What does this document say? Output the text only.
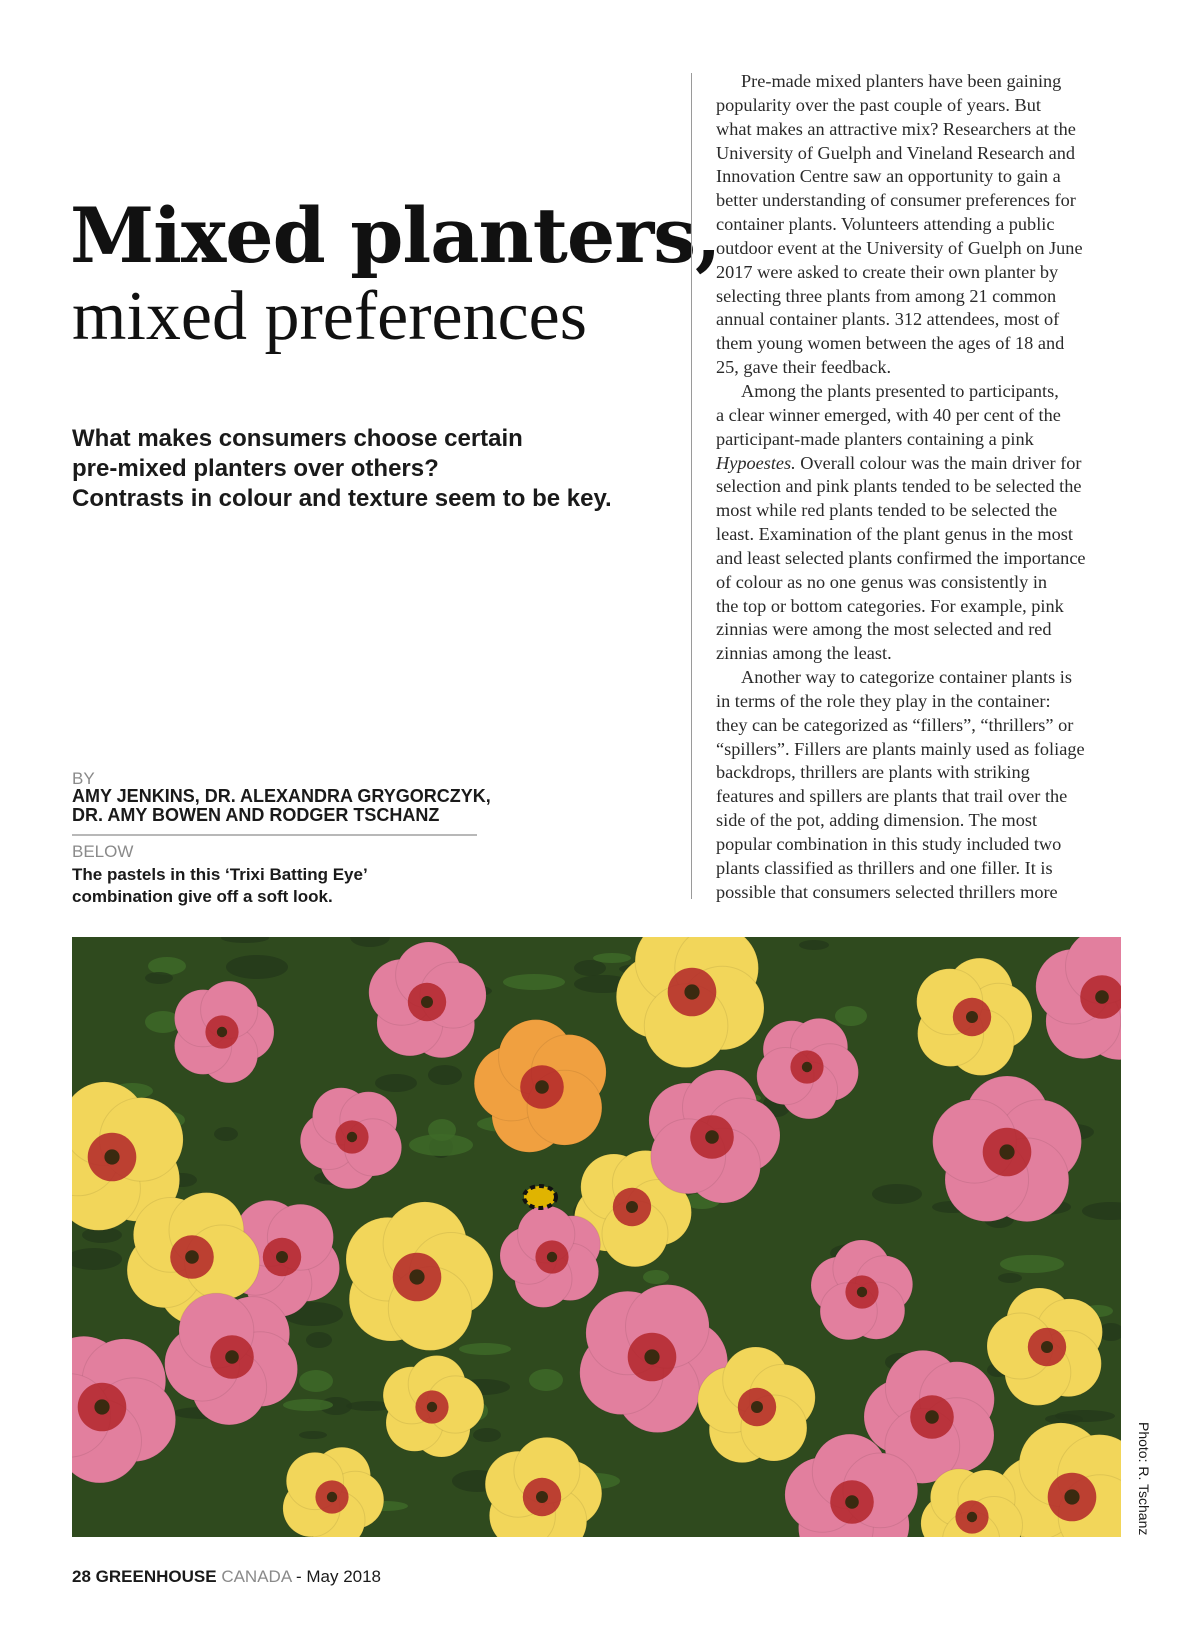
Mixed planters,
mixed preferences
What makes consumers choose certain
pre-mixed planters over others?
Contrasts in colour and texture seem to be key.
BY
AMY JENKINS, DR. ALEXANDRA GRYGORCZYK,
DR. AMY BOWEN AND RODGER TSCHANZ
BELOW
The pastels in this ‘Trixi Batting Eye’
combination give off a soft look.
Pre-made mixed planters have been gaining
popularity over the past couple of years. But
what makes an attractive mix? Researchers at the
University of Guelph and Vineland Research and
Innovation Centre saw an opportunity to gain a
better understanding of consumer preferences for
container plants. Volunteers attending a public
outdoor event at the University of Guelph on June
2017 were asked to create their own planter by
selecting three plants from among 21 common
annual container plants. 312 attendees, most of
them young women between the ages of 18 and
25, gave their feedback.
Among the plants presented to participants,
a clear winner emerged, with 40 per cent of the
participant-made planters containing a pink
Hypoestes. Overall colour was the main driver for
selection and pink plants tended to be selected the
most while red plants tended to be selected the
least. Examination of the plant genus in the most
and least selected plants confirmed the importance
of colour as no one genus was consistently in
the top or bottom categories. For example, pink
zinnias were among the most selected and red
zinnias among the least.
Another way to categorize container plants is
in terms of the role they play in the container:
they can be categorized as “fillers”, “thrillers” or
“spillers”. Fillers are plants mainly used as foliage
backdrops, thrillers are plants with striking
features and spillers are plants that trail over the
side of the pot, adding dimension. The most
popular combination in this study included two
plants classified as thrillers and one filler. It is
possible that consumers selected thrillers more
Photo: R. Tschanz
28 GREENHOUSE CANADA - May 2018
